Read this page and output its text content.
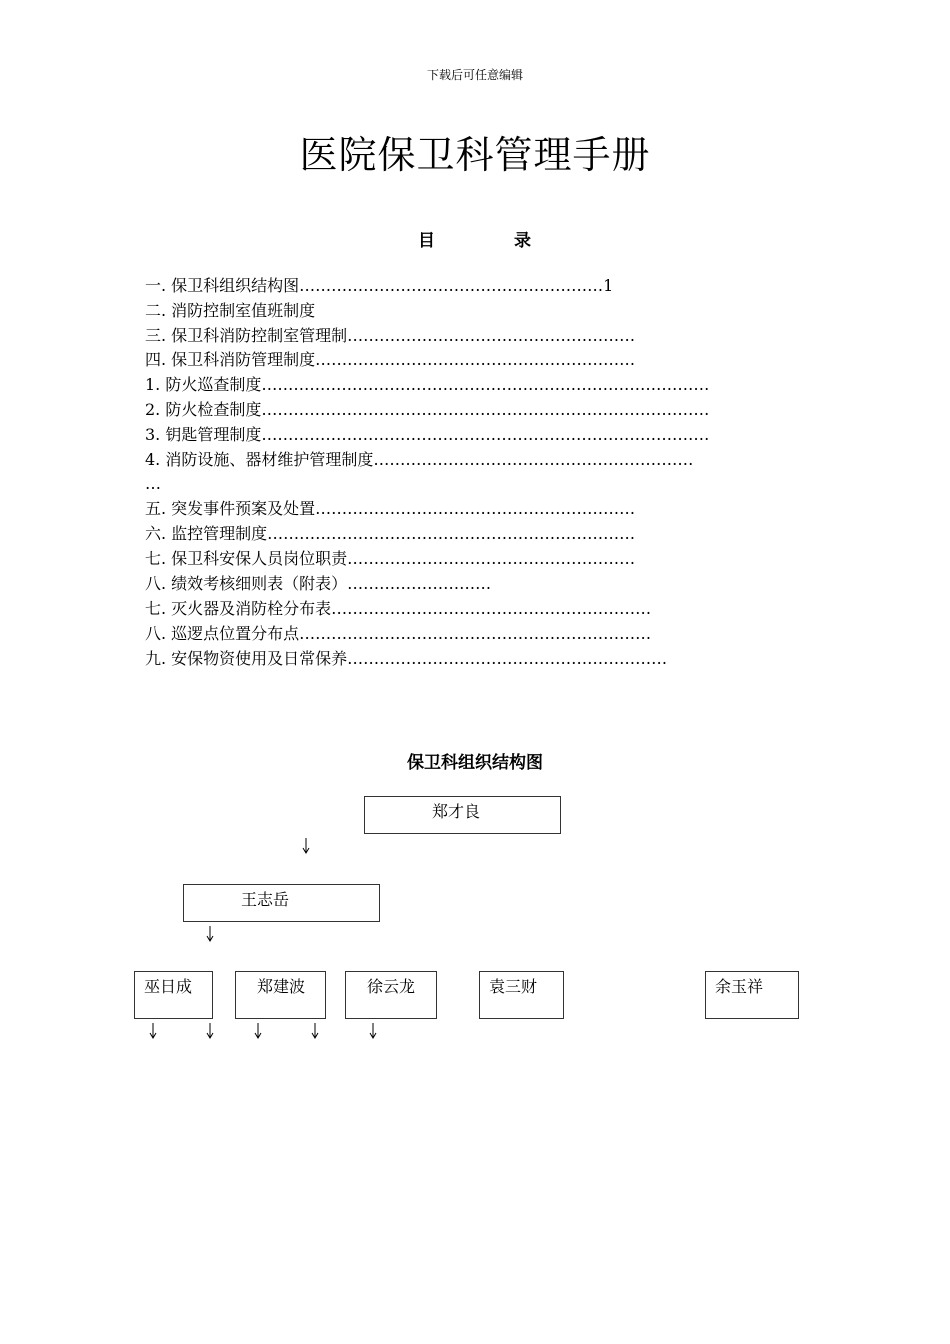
下载后可任意编辑
医院保卫科管理手册
目	录
一. 保卫科组织结构图…………………………………………………1
二. 消防控制室值班制度
三. 保卫科消防控制室管理制………………………………………………
四. 保卫科消防管理制度……………………………………………………
1. 防火巡查制度…………………………………………………………………………
2. 防火检查制度…………………………………………………………………………
3. 钥匙管理制度…………………………………………………………………………
4. 消防设施、器材维护管理制度……………………………………………………
…
五. 突发事件预案及处置……………………………………………………
六. 监控管理制度……………………………………………………………
七. 保卫科安保人员岗位职责………………………………………………
八. 绩效考核细则表（附表）………………………
七. 灭火器及消防栓分布表……………………………………………………
八. 巡逻点位置分布点…………………………………………………………
九. 安保物资使用及日常保养……………………………………………………
保卫科组织结构图
郑才良
王志岳
巫日成	郑建波	徐云龙	袁三财	余玉祥
